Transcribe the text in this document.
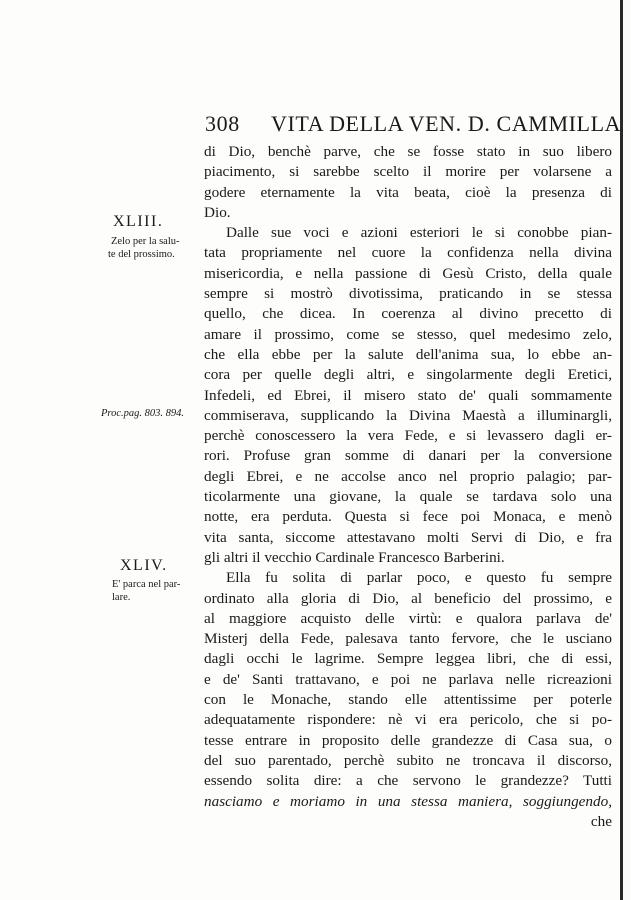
308 VITA DELLA VEN. D. CAMMILLA
XLIII.
Zelo per la salu-
te del prossimo.
Proc.pag. 803. 894.
XLIV.
E' parca nel par-
lare.
di Dio, benchè parve, che se fosse stato in suo libero
piacimento, si sarebbe scelto il morire per volarsene a
godere eternamente la vita beata, cioè la presenza di
Dio.
Dalle sue voci e azioni esteriori le si conobbe pian-
tata propriamente nel cuore la confidenza nella divina
misericordia, e nella passione di Gesù Cristo, della quale
sempre si mostrò divotissima, praticando in se stessa
quello, che dicea. In coerenza al divino precetto di
amare il prossimo, come se stesso, quel medesimo zelo,
che ella ebbe per la salute dell'anima sua, lo ebbe an-
cora per quelle degli altri, e singolarmente degli Eretici,
Infedeli, ed Ebrei, il misero stato de' quali sommamente
commiserava, supplicando la Divina Maestà a illuminargli,
perchè conoscessero la vera Fede, e si levassero dagli er-
rori. Profuse gran somme di danari per la conversione
degli Ebrei, e ne accolse anco nel proprio palagio; par-
ticolarmente una giovane, la quale se tardava solo una
notte, era perduta. Questa si fece poi Monaca, e menò
vita santa, siccome attestavano molti Servi di Dio, e fra
gli altri il vecchio Cardinale Francesco Barberini.
Ella fu solita di parlar poco, e questo fu sempre
ordinato alla gloria di Dio, al beneficio del prossimo, e
al maggiore acquisto delle virtù: e qualora parlava de'
Misterj della Fede, palesava tanto fervore, che le usciano
dagli occhi le lagrime. Sempre leggea libri, che di essi,
e de' Santi trattavano, e poi ne parlava nelle ricreazioni
con le Monache, stando elle attentissime per poterle
adequatamente rispondere: nè vi era pericolo, che si po-
tesse entrare in proposito delle grandezze di Casa sua, o
del suo parentado, perchè subito ne troncava il discorso,
essendo solita dire: a che servono le grandezze? Tutti
nasciamo e moriamo in una stessa maniera, soggiungendo,
che
